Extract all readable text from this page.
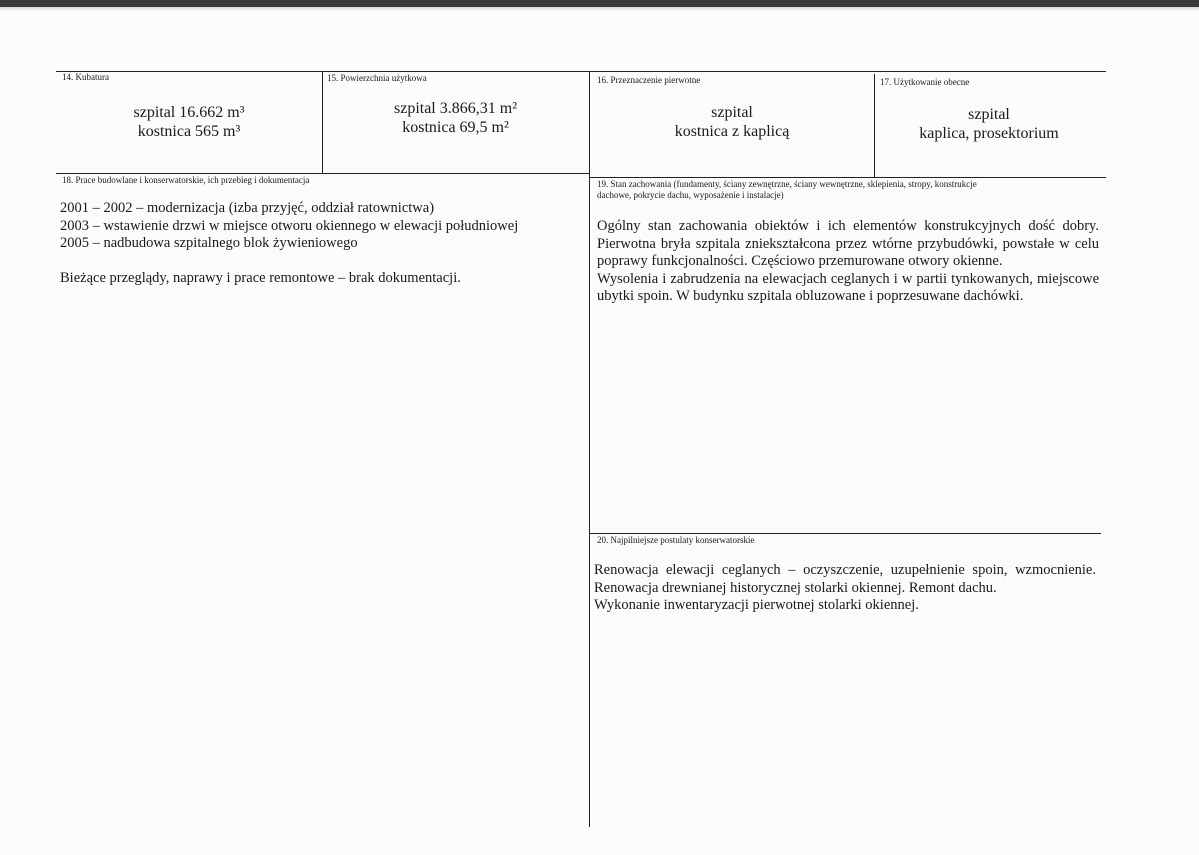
14. Kubatura
szpital 16.662 m³
kostnica 565 m³
15. Powierzchnia użytkowa
szpital 3.866,31 m²
kostnica 69,5 m²
16. Przeznaczenie pierwotne
szpital
kostnica z kaplicą
17. Użytkowanie obecne
szpital
kaplica, prosektorium
18. Prace budowlane i konserwatorskie, ich przebieg i dokumentacja
2001 – 2002 – modernizacja (izba przyjęć, oddział ratownictwa)
2003 – wstawienie drzwi w miejsce otworu okiennego w elewacji południowej
2005 – nadbudowa szpitalnego blok żywieniowego
Bieżące przeglądy, naprawy i prace remontowe – brak dokumentacji.
19. Stan zachowania (fundamenty, ściany zewnętrzne, ściany wewnętrzne, sklepienia, stropy, konstrukcje
dachowe, pokrycie dachu, wyposażenie i instalacje)
Ogólny stan zachowania obiektów i ich elementów konstrukcyjnych dość dobry. Pierwotna bryła szpitala zniekształcona przez wtórne przybudówki, powstałe w celu poprawy funkcjonalności. Częściowo przemurowane otwory okienne.
Wysolenia i zabrudzenia na elewacjach ceglanych i w partii tynkowanych, miejscowe ubytki spoin. W budynku szpitala obluzowane i poprzesuwane dachówki.
20. Najpilniejsze postulaty konserwatorskie
Renowacja elewacji ceglanych – oczyszczenie, uzupełnienie spoin, wzmocnienie. Renowacja drewnianej historycznej stolarki okiennej. Remont dachu.
Wykonanie inwentaryzacji pierwotnej stolarki okiennej.
